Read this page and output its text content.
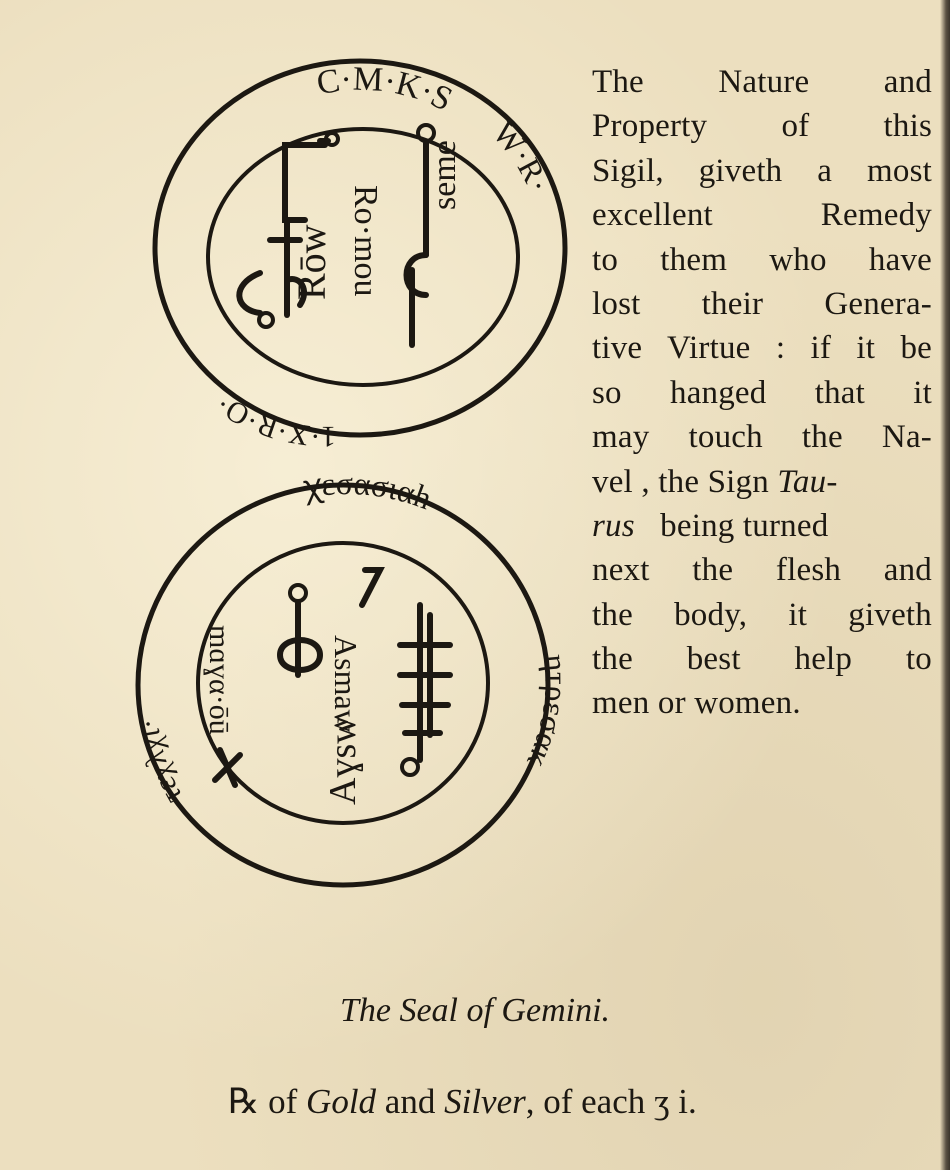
C·M·K·S
1·X·R·O·
W·R·
Ro·mou
seme
Rōw
ꭓεσασιαh
ητρεσακ
τεχλχι·	mɑɣα·ōū	Asmaw
Aɣsw
The Nature and
Property of this
Sigil, giveth a most
excellent Remedy
to them who have
lost their Genera-
tive Virtue : if it be
so hanged that it
may touch the Na-
vel , the Sign Tau-
rus being turned
next the flesh and
the body, it giveth
the best help to
men or women.
The Seal of Gemini.
℞ of Gold and Silver, of each ʒ i.
